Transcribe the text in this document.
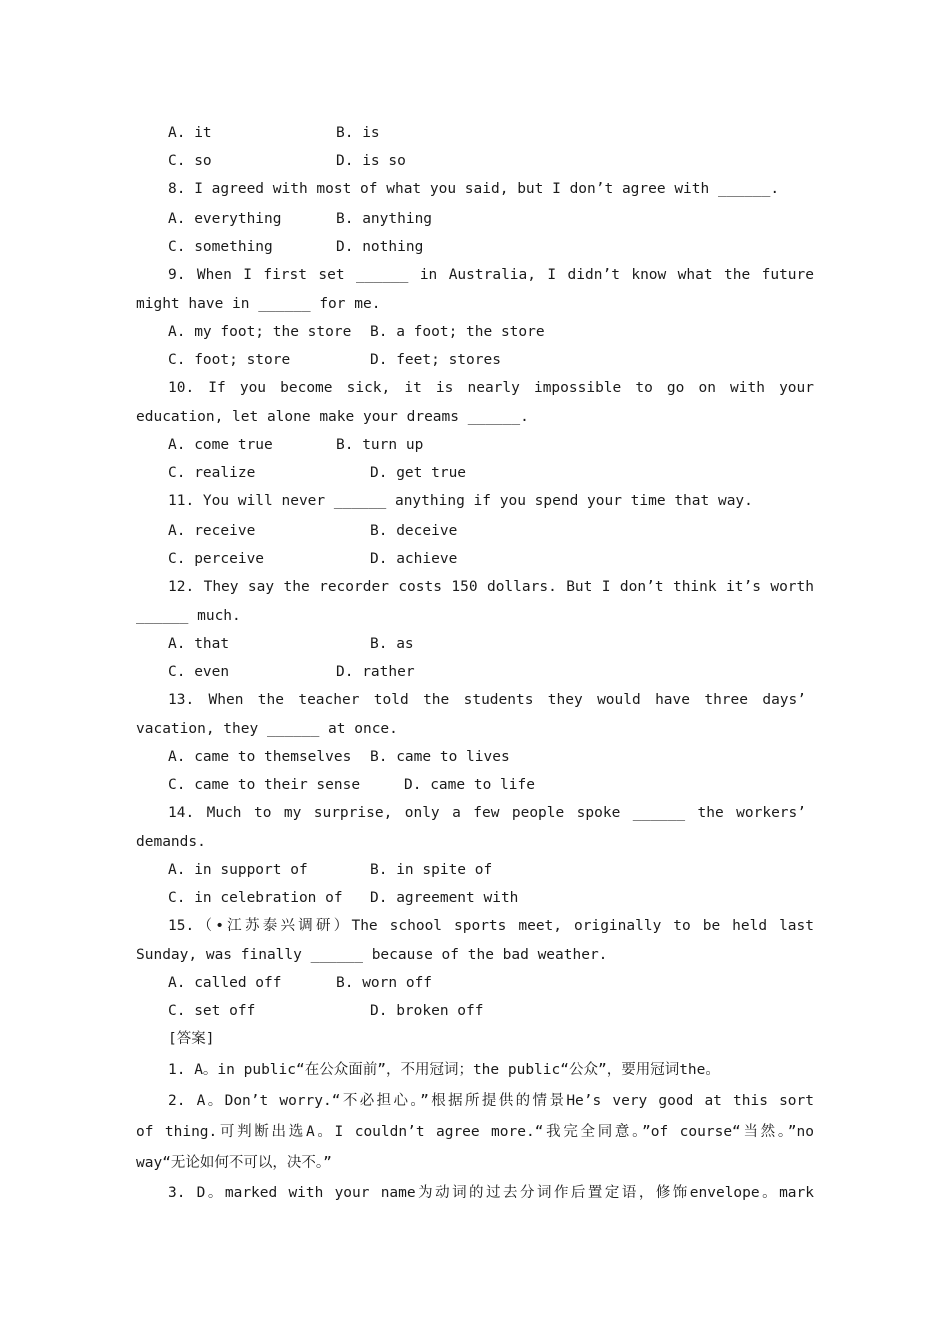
A. it	B. is
C. so	D. is so
8. I agreed with most of what you said, but I don’t agree with ______.
A. everything	B. anything
C. something	D. nothing
9. When I first set ______ in Australia, I didn’t know what the future
might have in ______ for me.
A. my foot; the store B. a foot; the store
C. foot; store	D. feet; stores
10. If you become sick, it is nearly impossible to go on with your
education, let alone make your dreams ______.
A. come true	B. turn up
C. realize	D. get true
11. You will never ______ anything if you spend your time that way.
A. receive	B. deceive
C. perceive	D. achieve
12. They say the recorder costs 150 dollars. But I don’t think it’s worth
______ much.
A. that	B. as
C. even	D. rather
13. When the teacher told the students they would have three days’
vacation, they ______ at once.
A. came to themselves B. came to lives
C. came to their sense	D. came to life
14. Much to my surprise, only a few people spoke ______ the workers’
demands.
A. in support of	B. in spite of
C. in celebration of D. agreement with
15.（•江苏泰兴调研）The school sports meet, originally to be held last
Sunday, was finally ______ because of the bad weather.
A. called off	B. worn off
C. set off	D. broken off
[答案]
1. A。in public“在公众面前”，不用冠词；the public“公众”，要用冠词the。
2. A。Don’t worry.“不必担心。”根据所提供的情景He’s very good at this sort
of thing.可判断出选A。I couldn’t agree more.“我完全同意。”of course“当然。”no
way“无论如何不可以，决不。”
3. D。marked with your name为动词的过去分词作后置定语，修饰envelope。mark
